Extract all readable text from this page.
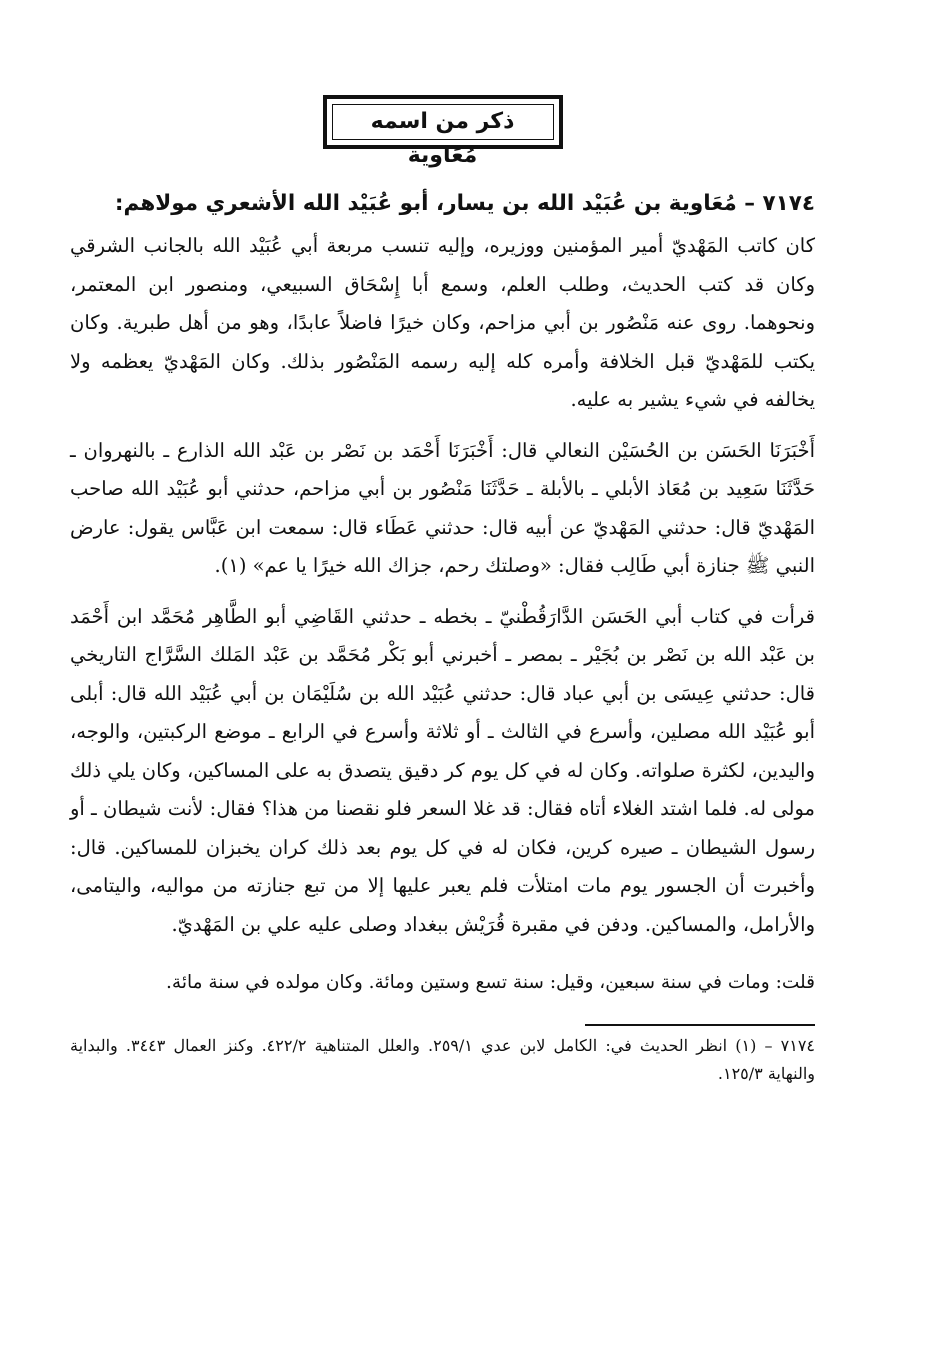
ذكر من اسمه مُعَاوية
٧١٧٤ – مُعَاوية بن عُبَيْد الله بن يسار، أبو عُبَيْد الله الأشعري مولاهم:

كان كاتب المَهْديّ أمير المؤمنين ووزيره، وإليه تنسب مربعة أبي عُبَيْد الله بالجانب الشرقي وكان قد كتب الحديث، وطلب العلم، وسمع أبا إِسْحَاق السبيعي، ومنصور ابن المعتمر، ونحوهما. روى عنه مَنْصُور بن أبي مزاحم، وكان خيرًا فاضلاً عابدًا، وهو من أهل طبرية. وكان يكتب للمَهْديّ قبل الخلافة وأمره كله إليه رسمه المَنْصُور بذلك. وكان المَهْديّ يعظمه ولا يخالفه في شيء يشير به عليه.

أَخْبَرَنَا الحَسَن بن الحُسَيْن النعالي قال: أَخْبَرَنَا أَحْمَد بن نَصْر بن عَبْد الله الذارع ـ بالنهروان ـ حَدَّثَنَا سَعِيد بن مُعَاذ الأبلي ـ بالأبلة ـ حَدَّثَنَا مَنْصُور بن أبي مزاحم، حدثني أبو عُبَيْد الله صاحب المَهْديّ قال: حدثني المَهْديّ عن أبيه قال: حدثني عَطَاء قال: سمعت ابن عَبَّاس يقول: عارض النبي ﷺ جنازة أبي طَالِب فقال: «وصلتك رحم، جزاك الله خيرًا يا عم» (١).

قرأت في كتاب أبي الحَسَن الدَّارَقُطْنيّ ـ بخطه ـ حدثني القَاضِي أبو الطَّاهِر مُحَمَّد ابن أَحْمَد بن عَبْد الله بن نَصْر بن بُجَيْر ـ بمصر ـ أخبرني أبو بَكْر مُحَمَّد بن عَبْد المَلك السَّرَّاج التاريخي قال: حدثني عِيسَى بن أبي عباد قال: حدثني عُبَيْد الله بن سُلَيْمَان بن أبي عُبَيْد الله قال: أبلى أبو عُبَيْد الله مصلين، وأسرع في الثالث ـ أو ثلاثة وأسرع في الرابع ـ موضع الركبتين، والوجه، واليدين، لكثرة صلواته. وكان له في كل يوم كر دقيق يتصدق به على المساكين، وكان يلي ذلك مولى له. فلما اشتد الغلاء أتاه فقال: قد غلا السعر فلو نقصنا من هذا؟ فقال: لأنت شيطان ـ أو رسول الشيطان ـ صيره كرين، فكان له في كل يوم بعد ذلك كران يخبزان للمساكين. قال: وأخبرت أن الجسور يوم مات امتلأت فلم يعبر عليها إلا من تبع جنازته من مواليه، واليتامى، والأرامل، والمساكين. ودفن في مقبرة قُرَيْش ببغداد وصلى عليه علي بن المَهْديّ.

قلت: ومات في سنة سبعين، وقيل: سنة تسع وستين ومائة. وكان مولده في سنة مائة.
٧١٧٤ – (١) انظر الحديث في: الكامل لابن عدي ٢٥٩/١. والعلل المتناهية ٤٢٢/٢. وكنز العمال ٣٤٤٣. والبداية والنهاية ١٢٥/٣.
